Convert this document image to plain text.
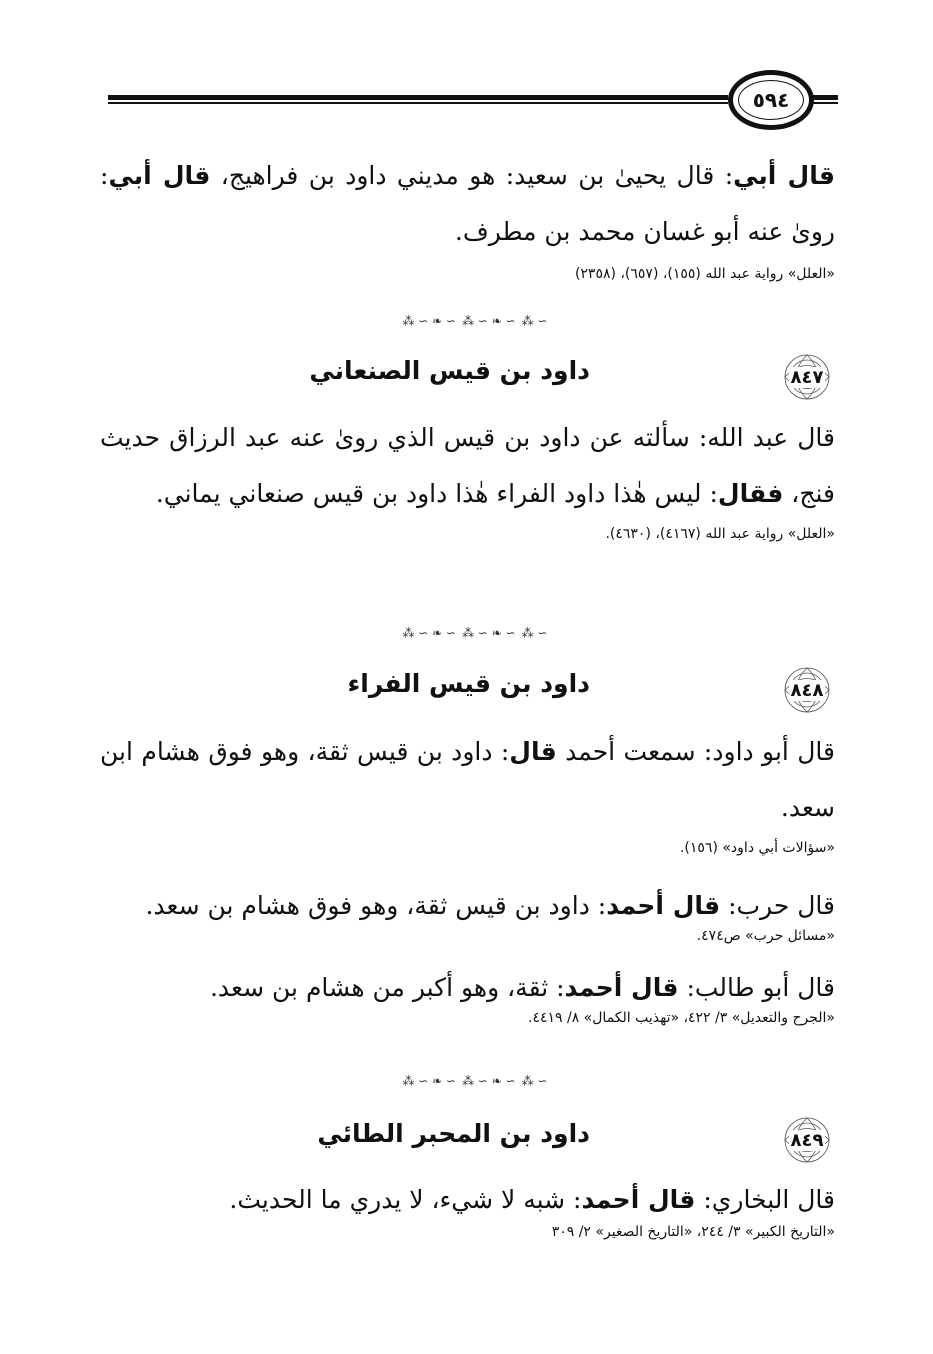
٥٩٤

قال أبي: قال يحيىٰ بن سعيد: هو مديني داود بن فراهيج، قال أبي: رویٰ عنه أبو غسان محمد بن مطرف.

«العلل» رواية عبد الله (١٥٥)، (٦٥٧)، (٢٣٥٨)

⁂ ∽ ❧ ∽ ⁂ ∽ ❧ ∽ ⁂ ∽
٨٤٧
داود بن قيس الصنعاني

قال عبد الله: سألته عن داود بن قيس الذي رویٰ عنه عبد الرزاق حديث فنج، فقال: ليس هٰذا داود الفراء هٰذا داود بن قيس صنعاني يماني.

«العلل» رواية عبد الله (٤١٦٧)، (٤٦٣٠).

⁂ ∽ ❧ ∽ ⁂ ∽ ❧ ∽ ⁂ ∽
٨٤٨
داود بن قيس الفراء

قال أبو داود: سمعت أحمد قال: داود بن قيس ثقة، وهو فوق هشام ابن سعد.

«سؤالات أبي داود» (١٥٦).

قال حرب: قال أحمد: داود بن قيس ثقة، وهو فوق هشام بن سعد.

«مسائل حرب» ص٤٧٤.

قال أبو طالب: قال أحمد: ثقة، وهو أكبر من هشام بن سعد.

«الجرح والتعديل» ٣/ ٤٢٢، «تهذيب الكمال» ٨/ ٤٤١٩.

⁂ ∽ ❧ ∽ ⁂ ∽ ❧ ∽ ⁂ ∽
٨٤٩
داود بن المحبر الطائي

قال البخاري: قال أحمد: شبه لا شيء، لا يدري ما الحديث.

«التاريخ الكبير» ٣/ ٢٤٤، «التاريخ الصغير» ٢/ ٣٠٩
